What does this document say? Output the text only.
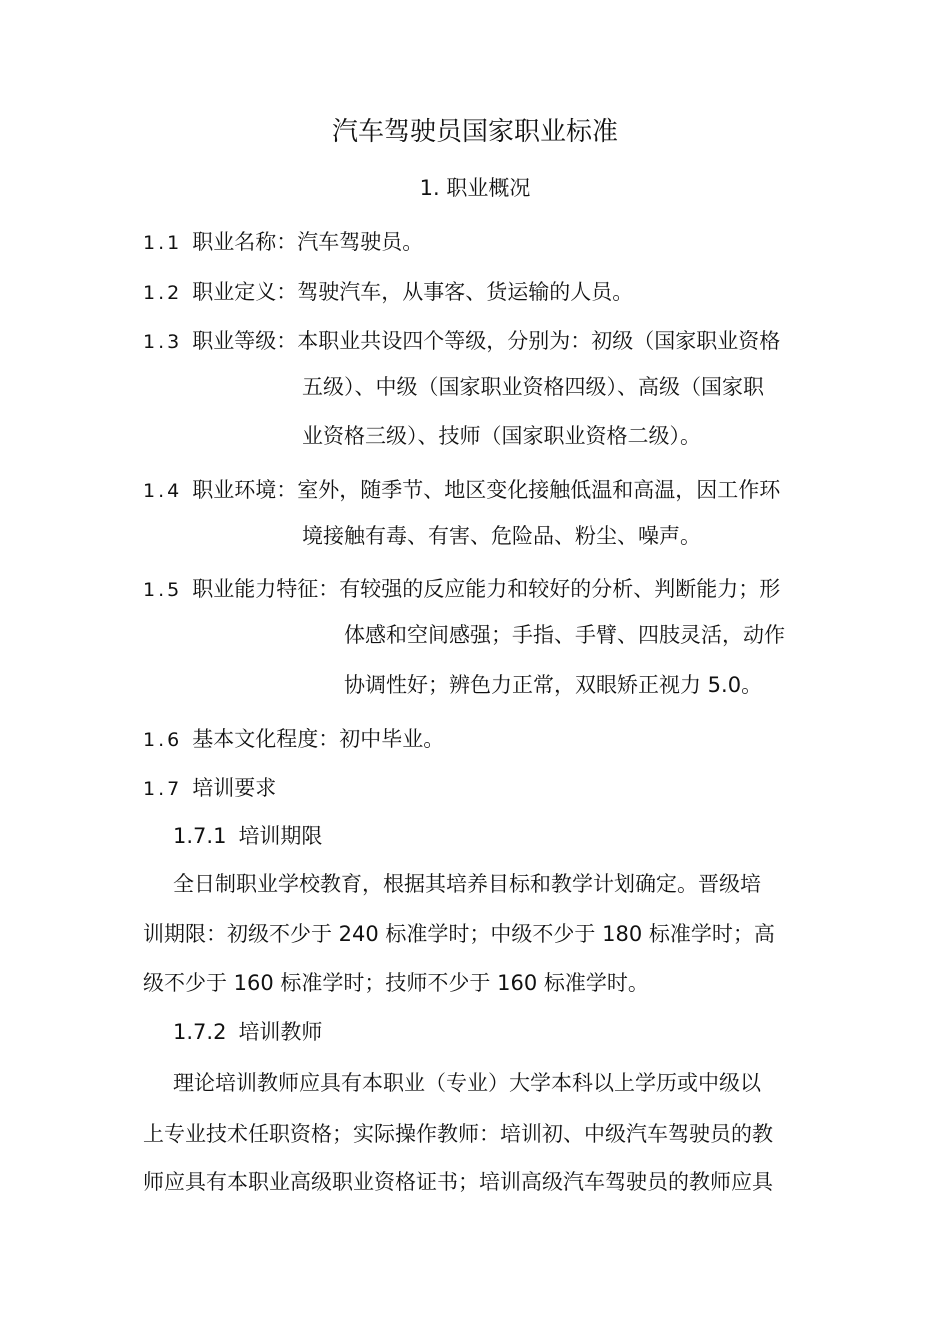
汽车驾驶员国家职业标准
1. 职业概况
1.1 职业名称：汽车驾驶员。
1.2 职业定义：驾驶汽车，从事客、货运输的人员。
1.3 职业等级：本职业共设四个等级，分别为：初级（国家职业资格
五级）、中级（国家职业资格四级）、高级（国家职
业资格三级）、技师（国家职业资格二级）。
1.4 职业环境：室外，随季节、地区变化接触低温和高温，因工作环
境接触有毒、有害、危险品、粉尘、噪声。
1.5 职业能力特征：有较强的反应能力和较好的分析、判断能力；形
体感和空间感强；手指、手臂、四肢灵活，动作
协调性好；辨色力正常，双眼矫正视力 5.0。
1.6 基本文化程度：初中毕业。
1.7 培训要求
1.7.1 培训期限
全日制职业学校教育，根据其培养目标和教学计划确定。晋级培
训期限：初级不少于 240 标准学时；中级不少于 180 标准学时；高
级不少于 160 标准学时；技师不少于 160 标准学时。
1.7.2 培训教师
理论培训教师应具有本职业（专业）大学本科以上学历或中级以
上专业技术任职资格；实际操作教师：培训初、中级汽车驾驶员的教
师应具有本职业高级职业资格证书；培训高级汽车驾驶员的教师应具
